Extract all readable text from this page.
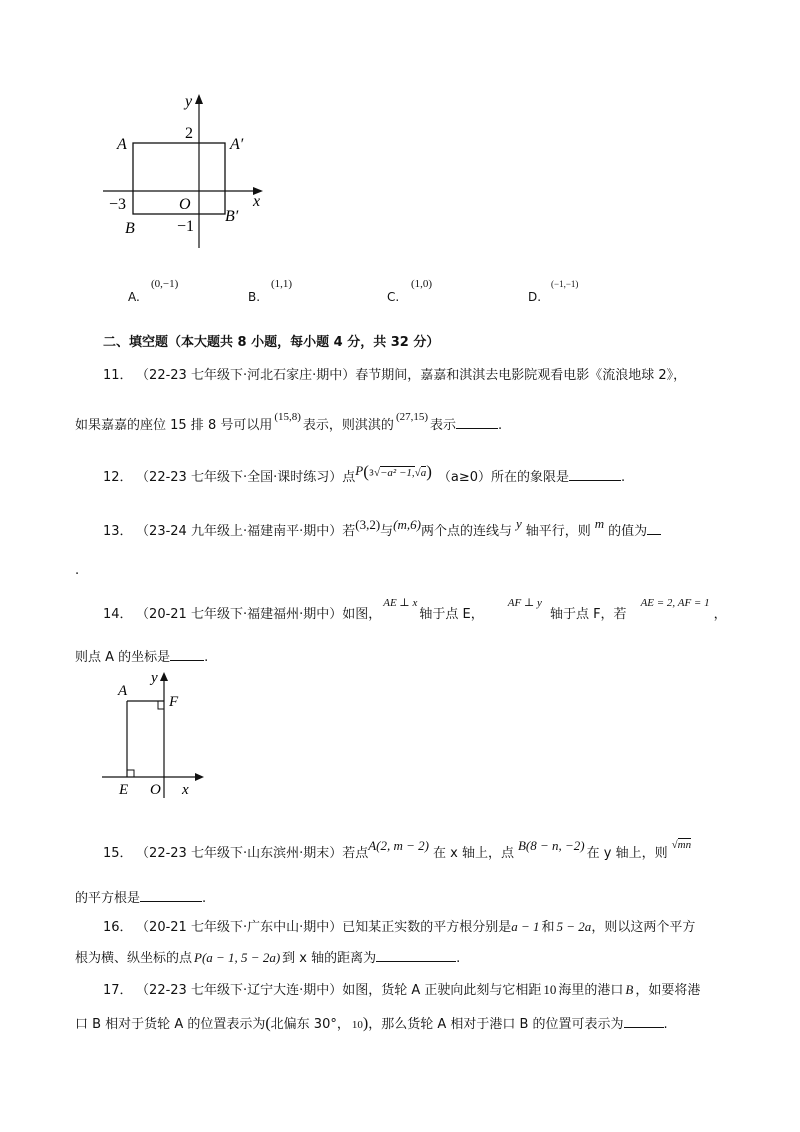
y
A
2
A′
−3	O	x
B	−1
B′
A.
(0,−1)
B.
(1,1)
C.
(1,0)
D.
(−1,−1)
二、填空题（本大题共 8 小题，每小题 4 分，共 32 分）
11． （22-23 七年级下·河北石家庄·期中）春节期间，嘉嘉和淇淇去电影院观看电影《流浪地球 2》，
如果嘉嘉的座位 15 排 8 号可以用$^{(15,8)}$表示，则淇淇的$^{(27,15)}$表示	.
12． （22-23 七年级下·全国·课时练习）点P($^{3√-a^2 -1,√a}$) （a≥0）所在的象限是	.
13． （23-24 九年级上·福建南平·期中）若(3,2)与(m,6)两个点的连线与y轴平行，则m的值为
.
14． （20-21 七年级下·福建福州·期中）如图，$^{AE \perp x}$轴于点 E，$^{AF \perp y}$轴于点 F，若$^{AE = 2, AF = 1}$，
则点 A 的坐标是	.
A
y
F
E O x
15． （22-23 七年级下·山东滨州·期末）若点A(2, m − 2)在 x 轴上，点B(8 − n, −2)在 y 轴上，则$^{√mn}$
的平方根是	.
16． （20-21 七年级下·广东中山·期中）已知某正实数的平方根分别是a − 1 和 5 − 2a，则以这两个平方
根为横、纵坐标的点 P(a − 1, 5 − 2a) 到 x 轴的距离为	.
17． （22-23 七年级下·辽宁大连·期中）如图，货轮 A 正驶向此刻与它相距 10 海里的港口 B ，如要将港
口 B 相对于货轮 A 的位置表示为(北偏东 30°， 10)，那么货轮 A 相对于港口 B 的位置可表示为	.
